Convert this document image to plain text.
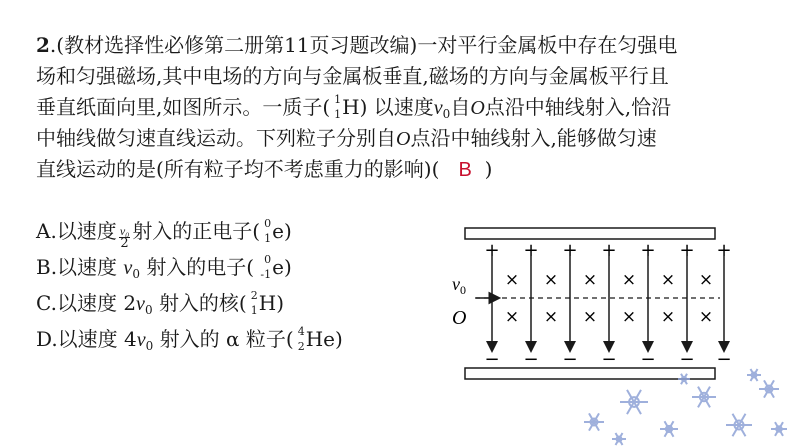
2.(教材选择性必修第二册第11页习题改编)一对平行金属板中存在匀强电
场和匀强磁场,其中电场的方向与金属板垂直,磁场的方向与金属板平行且
垂直纸面向里,如图所示。一质子( 1
1 H) 以速度$v_0$自O点沿中轴线射入,恰沿
中轴线做匀速直线运动。下列粒子分别自O点沿中轴线射入,能够做匀速
直线运动的是(所有粒子均不考虑重力的影响)( B )
A.以速度 $\frac{\text{v₀}}{2}$ 射入的正电子( 0
1 e)
B.以速度 $v_0$ 射入的电子( 0
-1 e)
C.以速度 $2v_0$ 射入的核( 2
1 H)
D.以速度 $4v_0$ 射入的 α 粒子( 4
2 He)
+ + + + + + +
− − − − − − −
× × × × × ×
× × × × × ×
$v_0$
O
